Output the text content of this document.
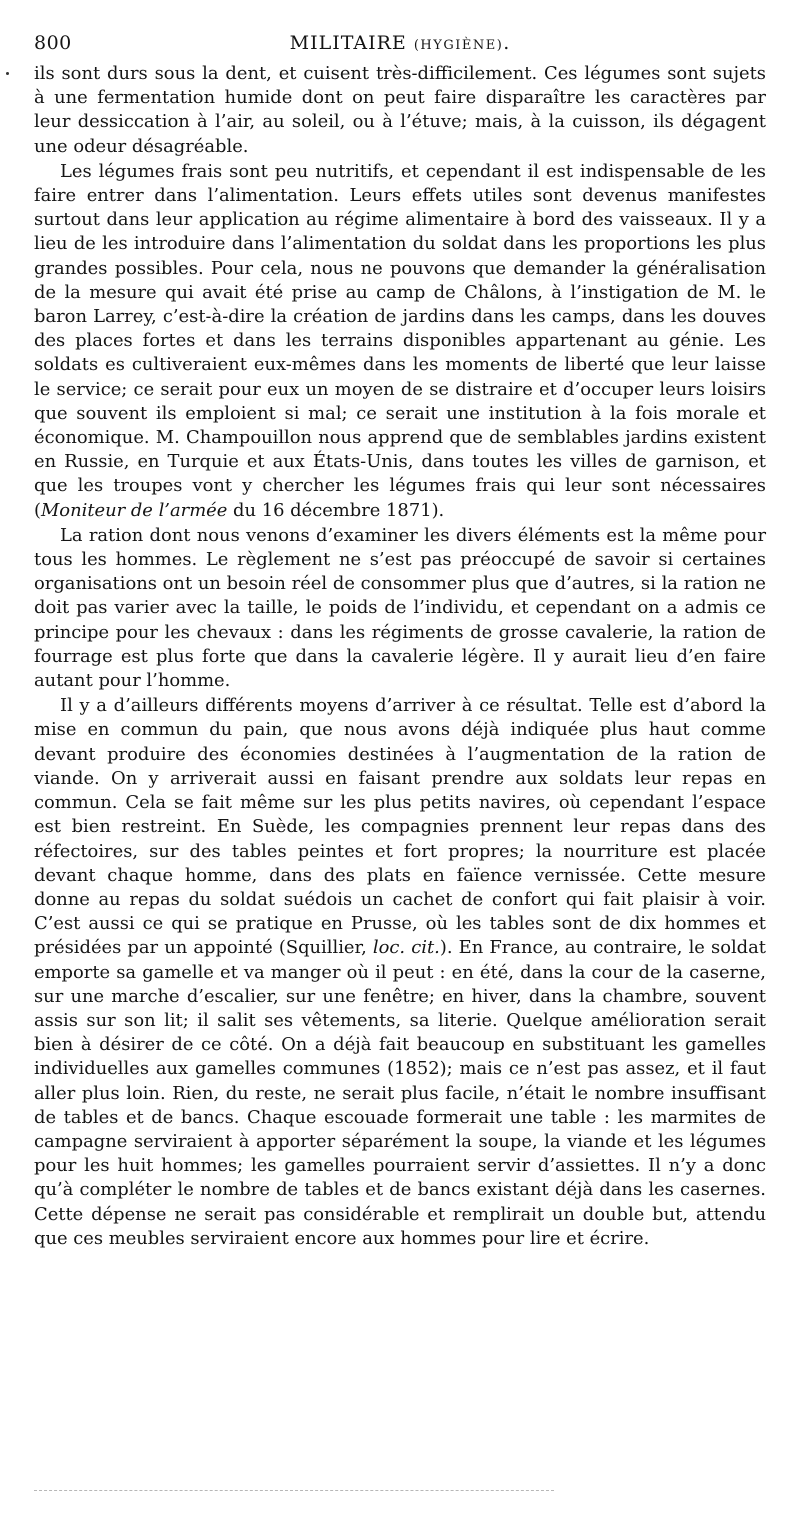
800	MILITAIRE (HYGIÈNE).

ils sont durs sous la dent, et cuisent très-difficilement. Ces légumes sont sujets à une fermentation humide dont on peut faire disparaître les caractères par leur dessiccation à l’air, au soleil, ou à l’étuve; mais, à la cuisson, ils dégagent une odeur désagréable.

Les légumes frais sont peu nutritifs, et cependant il est indispensable de les faire entrer dans l’alimentation. Leurs effets utiles sont devenus manifestes surtout dans leur application au régime alimentaire à bord des vaisseaux. Il y a lieu de les introduire dans l’alimentation du soldat dans les proportions les plus grandes possibles. Pour cela, nous ne pouvons que demander la généralisation de la mesure qui avait été prise au camp de Châlons, à l’instigation de M. le baron Larrey, c’est-à-dire la création de jardins dans les camps, dans les douves des places fortes et dans les terrains disponibles appartenant au génie. Les soldats es cultiveraient eux-mêmes dans les moments de liberté que leur laisse le service; ce serait pour eux un moyen de se distraire et d’occuper leurs loisirs que souvent ils emploient si mal; ce serait une institution à la fois morale et économique. M. Champouillon nous apprend que de semblables jardins existent en Russie, en Turquie et aux États-Unis, dans toutes les villes de garnison, et que les troupes vont y chercher les légumes frais qui leur sont nécessaires (Moniteur de l’armée du 16 décembre 1871).

La ration dont nous venons d’examiner les divers éléments est la même pour tous les hommes. Le règlement ne s’est pas préoccupé de savoir si certaines organisations ont un besoin réel de consommer plus que d’autres, si la ration ne doit pas varier avec la taille, le poids de l’individu, et cependant on a admis ce principe pour les chevaux : dans les régiments de grosse cavalerie, la ration de fourrage est plus forte que dans la cavalerie légère. Il y aurait lieu d’en faire autant pour l’homme.

Il y a d’ailleurs différents moyens d’arriver à ce résultat. Telle est d’abord la mise en commun du pain, que nous avons déjà indiquée plus haut comme devant produire des économies destinées à l’augmentation de la ration de viande. On y arriverait aussi en faisant prendre aux soldats leur repas en commun. Cela se fait même sur les plus petits navires, où cependant l’espace est bien restreint. En Suède, les compagnies prennent leur repas dans des réfectoires, sur des tables peintes et fort propres; la nourriture est placée devant chaque homme, dans des plats en faïence vernissée. Cette mesure donne au repas du soldat suédois un cachet de confort qui fait plaisir à voir. C’est aussi ce qui se pratique en Prusse, où les tables sont de dix hommes et présidées par un appointé (Squillier, loc. cit.). En France, au contraire, le soldat emporte sa gamelle et va manger où il peut : en été, dans la cour de la caserne, sur une marche d’escalier, sur une fenêtre; en hiver, dans la chambre, souvent assis sur son lit; il salit ses vêtements, sa literie. Quelque amélioration serait bien à désirer de ce côté. On a déjà fait beaucoup en substituant les gamelles individuelles aux gamelles communes (1852); mais ce n’est pas assez, et il faut aller plus loin. Rien, du reste, ne serait plus facile, n’était le nombre insuffisant de tables et de bancs. Chaque escouade formerait une table : les marmites de campagne serviraient à apporter séparément la soupe, la viande et les légumes pour les huit hommes; les gamelles pourraient servir d’assiettes. Il n’y a donc qu’à compléter le nombre de tables et de bancs existant déjà dans les casernes. Cette dépense ne serait pas considérable et remplirait un double but, attendu que ces meubles serviraient encore aux hommes pour lire et écrire.
